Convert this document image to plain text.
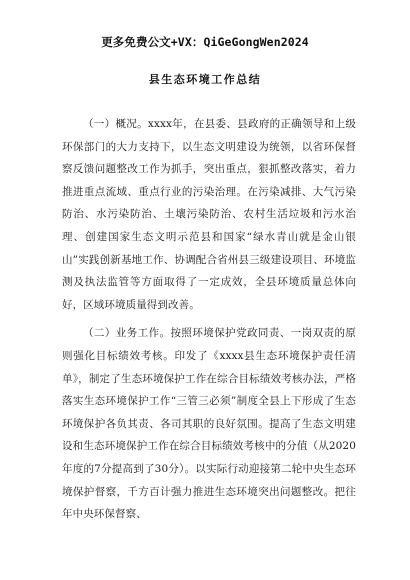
更多免费公文+VX：QiGeGongWen2024
县生态环境工作总结

（一）概况。xxxx年，在县委、县政府的正确领导和上级环保部门的大力支持下，以生态文明建设为统领，以省环保督察反馈问题整改工作为抓手，突出重点，狠抓整改落实，着力推进重点流域、重点行业的污染治理。在污染减排、大气污染防治、水污染防治、土壤污染防治、农村生活垃圾和污水治理、创建国家生态文明示范县和国家“绿水青山就是金山银山”实践创新基地工作、协调配合省州县三级建设项目、环境监测及执法监管等方面取得了一定成效，全县环境质量总体向好，区域环境质量得到改善。

（二）业务工作。按照环境保护党政同责、一岗双责的原则强化目标绩效考核。印发了《xxxx县生态环境保护责任清单》，制定了生态环境保护工作在综合目标绩效考核办法，严格落实生态环境保护工作“三管三必须”制度全县上下形成了生态环境保护各负其责、各司其职的良好氛围。提高了生态文明建设和生态环境保护工作在综合目标绩效考核中的分值（从2020年度的7分提高到了30分）。以实际行动迎接第二轮中央生态环境保护督察，千方百计强力推进生态环境突出问题整改。把往年中央环保督察、
